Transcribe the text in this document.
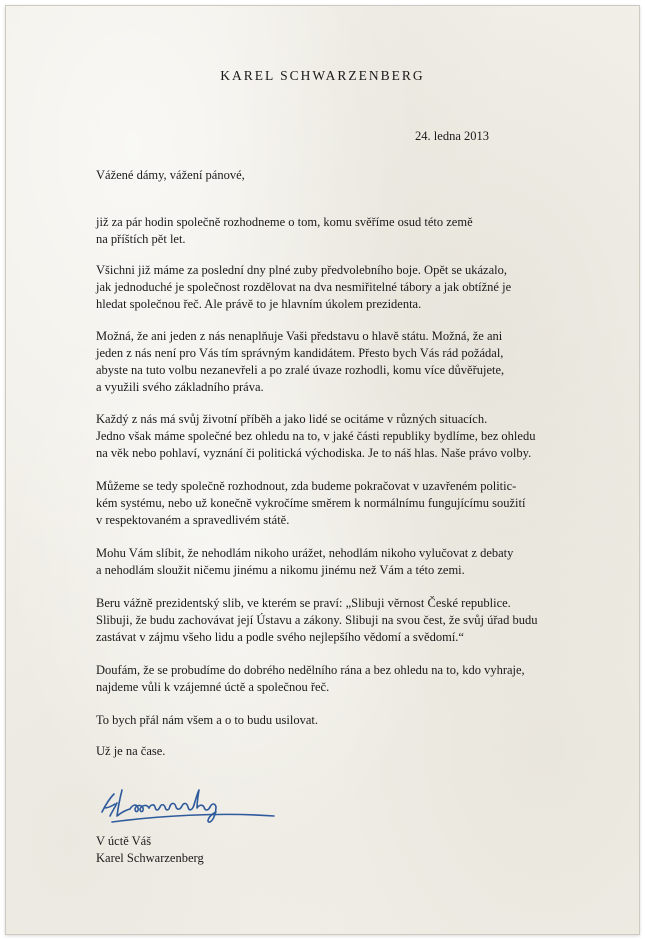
KAREL SCHWARZENBERG
24. ledna 2013
Vážené dámy, vážení pánové,

již za pár hodin společně rozhodneme o tom, komu svěříme osud této země
na příštích pět let.

Všichni již máme za poslední dny plné zuby předvolebního boje. Opět se ukázalo,
jak jednoduché je společnost rozdělovat na dva nesmiřitelné tábory a jak obtížné je
hledat společnou řeč. Ale právě to je hlavním úkolem prezidenta.

Možná, že ani jeden z nás nenaplňuje Vaši představu o hlavě státu. Možná, že ani
jeden z nás není pro Vás tím správným kandidátem. Přesto bych Vás rád požádal,
abyste na tuto volbu nezanevřeli a po zralé úvaze rozhodli, komu více důvěřujete,
a využili svého základního práva.

Každý z nás má svůj životní příběh a jako lidé se ocitáme v různých situacích.
Jedno však máme společné bez ohledu na to, v jaké části republiky bydlíme, bez ohledu
na věk nebo pohlaví, vyznání či politická východiska. Je to náš hlas. Naše právo volby.

Můžeme se tedy společně rozhodnout, zda budeme pokračovat v uzavřeném politic-
kém systému, nebo už konečně vykročíme směrem k normálnímu fungujícímu soužití
v respektovaném a spravedlivém státě.

Mohu Vám slíbit, že nehodlám nikoho urážet, nehodlám nikoho vylučovat z debaty
a nehodlám sloužit ničemu jinému a nikomu jinému než Vám a této zemi.

Beru vážně prezidentský slib, ve kterém se praví: „Slibuji věrnost České republice.
Slibuji, že budu zachovávat její Ústavu a zákony. Slibuji na svou čest, že svůj úřad budu
zastávat v zájmu všeho lidu a podle svého nejlepšího vědomí a svědomí.“

Doufám, že se probudíme do dobrého nedělního rána a bez ohledu na to, kdo vyhraje,
najdeme vůli k vzájemné úctě a společnou řeč.

To bych přál nám všem a o to budu usilovat.

Už je na čase.

V úctě Váš
Karel Schwarzenberg
